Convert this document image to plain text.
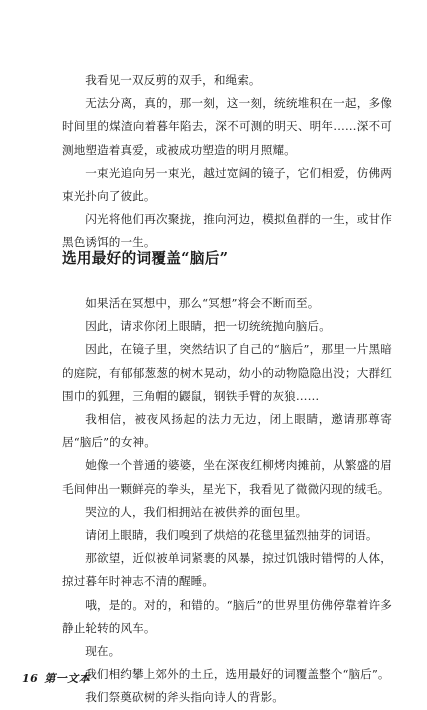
我看见一双反剪的双手，和绳索。

无法分离，真的，那一刻，这一刻，统统堆积在一起，多像时间里的煤渣向着暮年陷去，深不可测的明天、明年……深不可测地塑造着真爱，或被成功塑造的明月照耀。

一束光追向另一束光，越过宽阔的镜子，它们相爱，仿佛两束光扑向了彼此。

闪光将他们再次聚拢，推向河边，模拟鱼群的一生，或甘作黑色诱饵的一生。

选用最好的词覆盖“脑后”

如果活在冥想中，那么“冥想”将会不断而至。

因此，请求你闭上眼睛，把一切统统抛向脑后。

因此，在镜子里，突然结识了自己的“脑后”，那里一片黑暗的庭院，有郁郁葱葱的树木晃动，幼小的动物隐隐出没；大群红围巾的狐狸，三角帽的鼹鼠，钢铁手臂的灰狼……

我相信，被夜风扬起的法力无边，闭上眼睛，邀请那尊寄居“脑后”的女神。

她像一个普通的婆婆，坐在深夜红柳烤肉摊前，从繁盛的眉毛间伸出一颗鲜亮的拳头，星光下，我看见了微微闪现的绒毛。

哭泣的人，我们相拥站在被供养的面包里。

请闭上眼睛，我们嗅到了烘焙的花毯里猛烈抽芽的词语。

那欲望，近似被单词紧裹的风暴，掠过饥饿时错愕的人体，掠过暮年时神志不清的醒睡。

哦，是的。对的，和错的。“脑后”的世界里仿佛停靠着许多静止轮转的风车。

现在。

我们相约攀上郊外的土丘，选用最好的词覆盖整个“脑后”。

我们祭奠砍树的斧头指向诗人的背影。

16 第一文本
